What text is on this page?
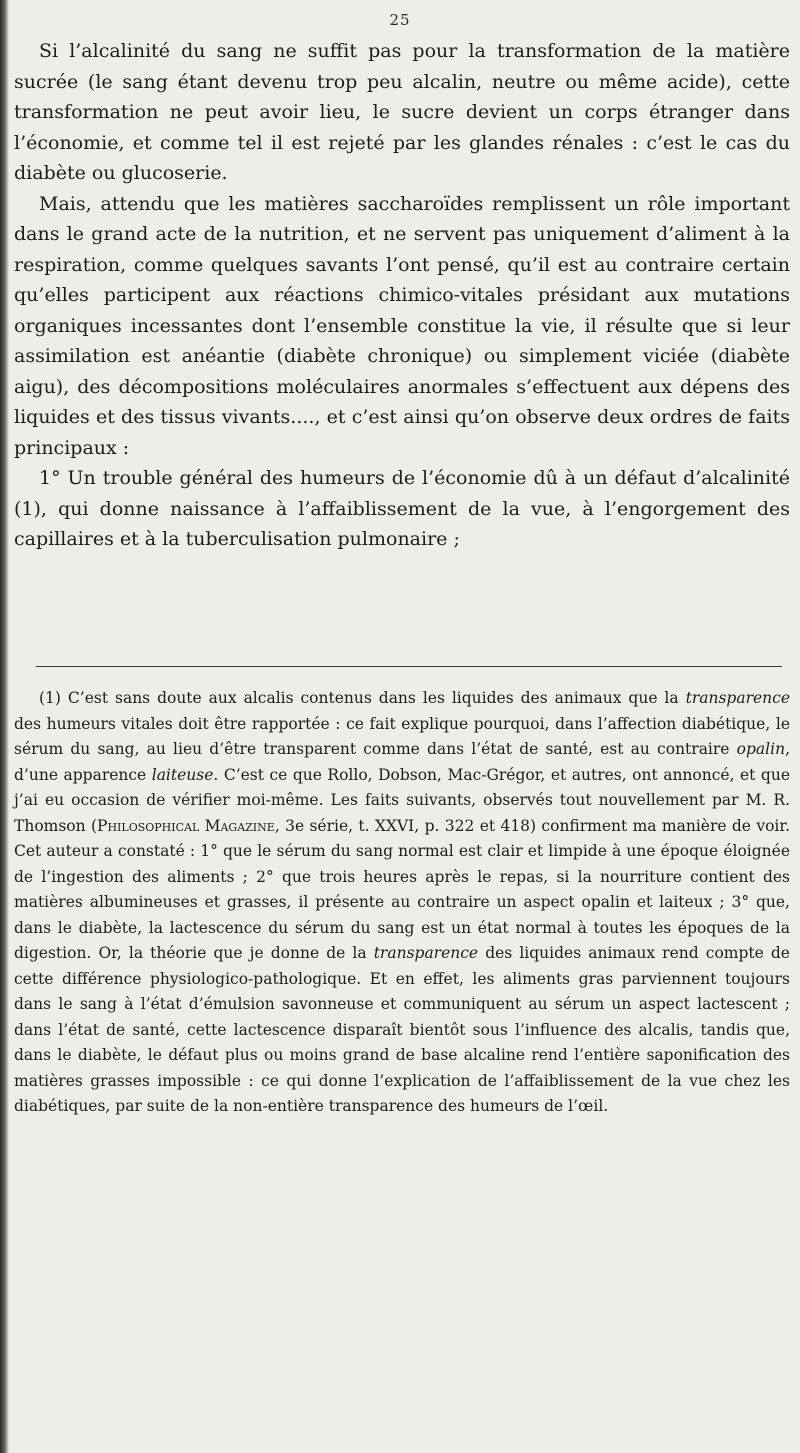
25

Si l’alcalinité du sang ne suffit pas pour la transformation de la matière sucrée (le sang étant devenu trop peu alcalin, neutre ou même acide), cette transformation ne peut avoir lieu, le sucre devient un corps étranger dans l’économie, et comme tel il est rejeté par les glandes rénales : c’est le cas du diabète ou glucoserie.

Mais, attendu que les matières saccharoïdes remplissent un rôle important dans le grand acte de la nutrition, et ne servent pas uniquement d’aliment à la respiration, comme quelques savants l’ont pensé, qu’il est au contraire certain qu’elles participent aux réactions chimico-vitales présidant aux mutations organiques incessantes dont l’ensemble constitue la vie, il résulte que si leur assimilation est anéantie (diabète chronique) ou simplement viciée (diabète aigu), des décompositions moléculaires anormales s’effectuent aux dépens des liquides et des tissus vivants...., et c’est ainsi qu’on observe deux ordres de faits principaux :

1° Un trouble général des humeurs de l’économie dû à un défaut d’alcalinité (1), qui donne naissance à l’affaiblissement de la vue, à l’engorgement des capillaires et à la tuberculisation pulmonaire ;

(1) C’est sans doute aux alcalis contenus dans les liquides des animaux que la transparence des humeurs vitales doit être rapportée : ce fait explique pourquoi, dans l’affection diabétique, le sérum du sang, au lieu d’être transparent comme dans l’état de santé, est au contraire opalin, d’une apparence laiteuse. C’est ce que Rollo, Dobson, Mac-Grégor, et autres, ont annoncé, et que j’ai eu occasion de vérifier moi-même. Les faits suivants, observés tout nouvellement par M. R. Thomson (Philosophical Magazine, 3e série, t. XXVI, p. 322 et 418) confirment ma manière de voir. Cet auteur a constaté : 1° que le sérum du sang normal est clair et limpide à une époque éloignée de l’ingestion des aliments ; 2° que trois heures après le repas, si la nourriture contient des matières albumineuses et grasses, il présente au contraire un aspect opalin et laiteux ; 3° que, dans le diabète, la lactescence du sérum du sang est un état normal à toutes les époques de la digestion. Or, la théorie que je donne de la transparence des liquides animaux rend compte de cette différence physiologico-pathologique. Et en effet, les aliments gras parviennent toujours dans le sang à l’état d’émulsion savonneuse et communiquent au sérum un aspect lactescent ; dans l’état de santé, cette lactescence disparaît bientôt sous l’influence des alcalis, tandis que, dans le diabète, le défaut plus ou moins grand de base alcaline rend l’entière saponification des matières grasses impossible : ce qui donne l’explication de l’affaiblissement de la vue chez les diabétiques, par suite de la non-entière transparence des humeurs de l’œil.
